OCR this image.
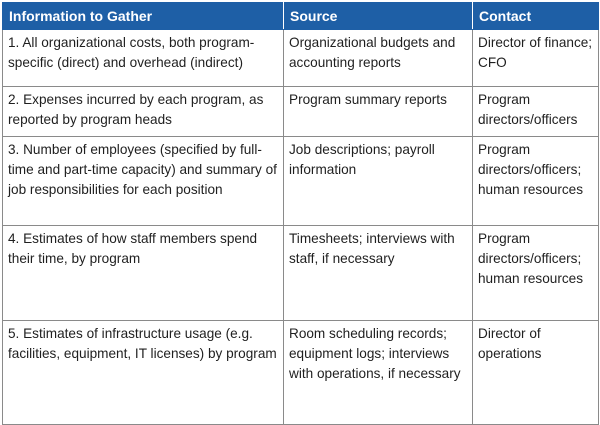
Information to Gather	Source	Contact
1. All organizational costs, both program-specific (direct) and overhead (indirect)	Organizational budgets and accounting reports	Director of finance; CFO
2. Expenses incurred by each program, as reported by program heads	Program summary reports	Program directors/officers
3. Number of employees (specified by full-time and part-time capacity) and summary of job responsibilities for each position	Job descriptions; payroll information	Program directors/officers; human resources
4. Estimates of how staff members spend their time, by program	Timesheets; interviews with staff, if necessary	Program directors/officers; human resources
5. Estimates of infrastructure usage (e.g. facilities, equipment, IT licenses) by program	Room scheduling records; equipment logs; interviews with operations, if necessary	Director of operations
